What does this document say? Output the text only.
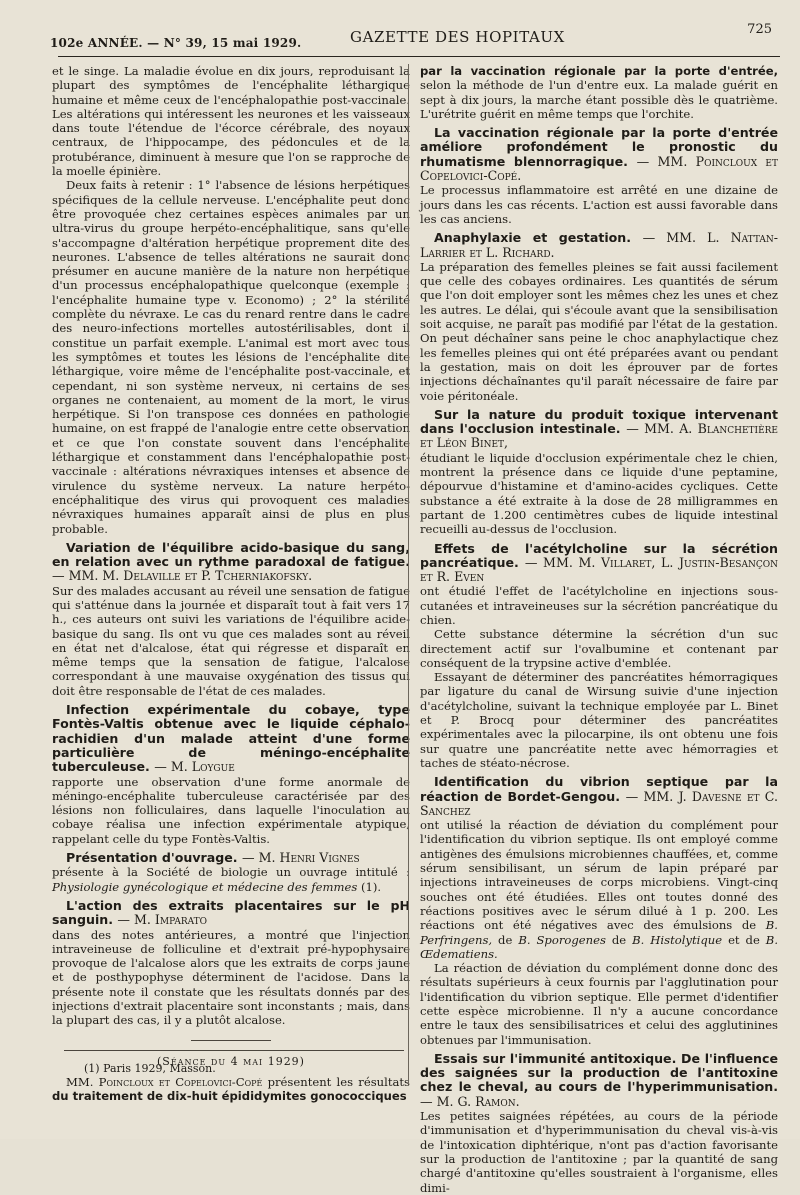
102e ANNÉE. — N° 39, 15 mai 1929.	GAZETTE DES HOPITAUX	725

et le singe. La maladie évolue en dix jours, reproduisant la plupart des symptômes de l'encéphalite léthargique humaine et même ceux de l'encéphalopathie post-vaccinale. Les altérations qui intéressent les neurones et les vaisseaux dans toute l'étendue de l'écorce cérébrale, des noyaux centraux, de l'hippocampe, des pédoncules et de la protubérance, diminuent à mesure que l'on se rapproche de la moelle épinière.

Deux faits à retenir : 1° l'absence de lésions herpétiques spécifiques de la cellule nerveuse. L'encéphalite peut donc être provoquée chez certaines espèces animales par un ultra-virus du groupe herpéto-encéphalitique, sans qu'elle s'accompagne d'altération herpétique proprement dite des neurones. L'absence de telles altérations ne saurait donc présumer en aucune manière de la nature non herpétique d'un processus encéphalopathique quelconque (exemple : l'encéphalite humaine type v. Economo) ; 2° la stérilité complète du névraxe. Le cas du renard rentre dans le cadre des neuro-infections mortelles autostérilisables, dont il constitue un parfait exemple. L'animal est mort avec tous les symptômes et toutes les lésions de l'encéphalite dite léthargique, voire même de l'encéphalite post-vaccinale, et cependant, ni son système nerveux, ni certains de ses organes ne contenaient, au moment de la mort, le virus herpétique. Si l'on transpose ces données en pathologie humaine, on est frappé de l'analogie entre cette observation et ce que l'on constate souvent dans l'encéphalite léthargique et constamment dans l'encéphalopathie post-vaccinale : altérations névraxiques intenses et absence de virulence du système nerveux. La nature herpéto-encéphalitique des virus qui provoquent ces maladies névraxiques humaines apparaît ainsi de plus en plus probable.

Variation de l'équilibre acido-basique du sang, en relation avec un rythme paradoxal de fatigue. — MM. M. Delaville et P. Tcherniakofsky.

Sur des malades accusant au réveil une sensation de fatigue qui s'atténue dans la journée et disparaît tout à fait vers 17 h., ces auteurs ont suivi les variations de l'équilibre acide-basique du sang. Ils ont vu que ces malades sont au réveil en état net d'alcalose, état qui régresse et disparaît en même temps que la sensation de fatigue, l'alcalose correspondant à une mauvaise oxygénation des tissus qui doit être responsable de l'état de ces malades.

Infection expérimentale du cobaye, type Fontès-Valtis obtenue avec le liquide céphalo-rachidien d'un malade atteint d'une forme particulière de méningo-encéphalite tuberculeuse. — M. Loygue

rapporte une observation d'une forme anormale de méningo-encéphalite tuberculeuse caractérisée par des lésions non folliculaires, dans laquelle l'inoculation au cobaye réalisa une infection expérimentale atypique, rappelant celle du type Fontès-Valtis.

Présentation d'ouvrage. — M. Henri Vignes

présente à la Société de biologie un ouvrage intitulé : Physiologie gynécologique et médecine des femmes (1).

L'action des extraits placentaires sur le pH sanguin. — M. Imparato

dans des notes antérieures, a montré que l'injection intraveineuse de folliculine et d'extrait pré-hypophysaire provoque de l'alcalose alors que les extraits de corps jaune et de posthypophyse déterminent de l'acidose. Dans la présente note il constate que les résultats donnés par des injections d'extrait placentaire sont inconstants ; mais, dans la plupart des cas, il y a plutôt alcalose.

(Séance du 4 mai 1929)

MM. Poincloux et Copelovici-Copé présentent les résultats du traitement de dix-huit épididymites gonococciques

par la vaccination régionale par la porte d'entrée, selon la méthode de l'un d'entre eux. La malade guérit en sept à dix jours, la marche étant possible dès le quatrième. L'urétrite guérit en même temps que l'orchite.

La vaccination régionale par la porte d'entrée améliore profondément le pronostic du rhumatisme blennorragique. — MM. Poincloux et Copelovici-Copé.

Le processus inflammatoire est arrêté en une dizaine de jours dans les cas récents. L'action est aussi favorable dans les cas anciens.

Anaphylaxie et gestation. — MM. L. Nattan-Larrier et L. Richard.

La préparation des femelles pleines se fait aussi facilement que celle des cobayes ordinaires. Les quantités de sérum que l'on doit employer sont les mêmes chez les unes et chez les autres. Le délai, qui s'écoule avant que la sensibilisation soit acquise, ne paraît pas modifié par l'état de la gestation. On peut déchaîner sans peine le choc anaphylactique chez les femelles pleines qui ont été préparées avant ou pendant la gestation, mais on doit les éprouver par de fortes injections déchaînantes qu'il paraît nécessaire de faire par voie péritonéale.

Sur la nature du produit toxique intervenant dans l'occlusion intestinale. — MM. A. Blanchetière et Léon Binet,

étudiant le liquide d'occlusion expérimentale chez le chien, montrent la présence dans ce liquide d'une peptamine, dépourvue d'histamine et d'amino-acides cycliques. Cette substance a été extraite à la dose de 28 milligrammes en partant de 1.200 centimètres cubes de liquide intestinal recueilli au-dessus de l'occlusion.

Effets de l'acétylcholine sur la sécrétion pancréatique. — MM. M. Villaret, L. Justin-Besançon et R. Even

ont étudié l'effet de l'acétylcholine en injections sous-cutanées et intraveineuses sur la sécrétion pancréatique du chien.

Cette substance détermine la sécrétion d'un suc directement actif sur l'ovalbumine et contenant par conséquent de la trypsine active d'emblée.

Essayant de déterminer des pancréatites hémorragiques par ligature du canal de Wirsung suivie d'une injection d'acétylcholine, suivant la technique employée par L. Binet et P. Brocq pour déterminer des pancréatites expérimentales avec la pilocarpine, ils ont obtenu une fois sur quatre une pancréatite nette avec hémorragies et taches de stéato-nécrose.

Identification du vibrion septique par la réaction de Bordet-Gengou. — MM. J. Davesne et C. Sanchez

ont utilisé la réaction de déviation du complément pour l'identification du vibrion septique. Ils ont employé comme antigènes des émulsions microbiennes chauffées, et, comme sérum sensibilisant, un sérum de lapin préparé par injections intraveineuses de corps microbiens. Vingt-cinq souches ont été étudiées. Elles ont toutes donné des réactions positives avec le sérum dilué à 1 p. 200. Les réactions ont été négatives avec des émulsions de B. Perfringens, de B. Sporogenes de B. Histolytique et de B. Œdematiens.

La réaction de déviation du complément donne donc des résultats supérieurs à ceux fournis par l'agglutination pour l'identification du vibrion septique. Elle permet d'identifier cette espèce microbienne. Il n'y a aucune concordance entre le taux des sensibilisatrices et celui des agglutinines obtenues par l'immunisation.

Essais sur l'immunité antitoxique. De l'influence des saignées sur la production de l'antitoxine chez le cheval, au cours de l'hyperimmunisation. — M. G. Ramon.

Les petites saignées répétées, au cours de la période d'immunisation et d'hyperimmunisation du cheval vis-à-vis de l'intoxication diphtérique, n'ont pas d'action favorisante sur la production de l'antitoxine ; par la quantité de sang chargé d'antitoxine qu'elles soustraient à l'organisme, elles dimi-

(1) Paris 1929, Masson.
